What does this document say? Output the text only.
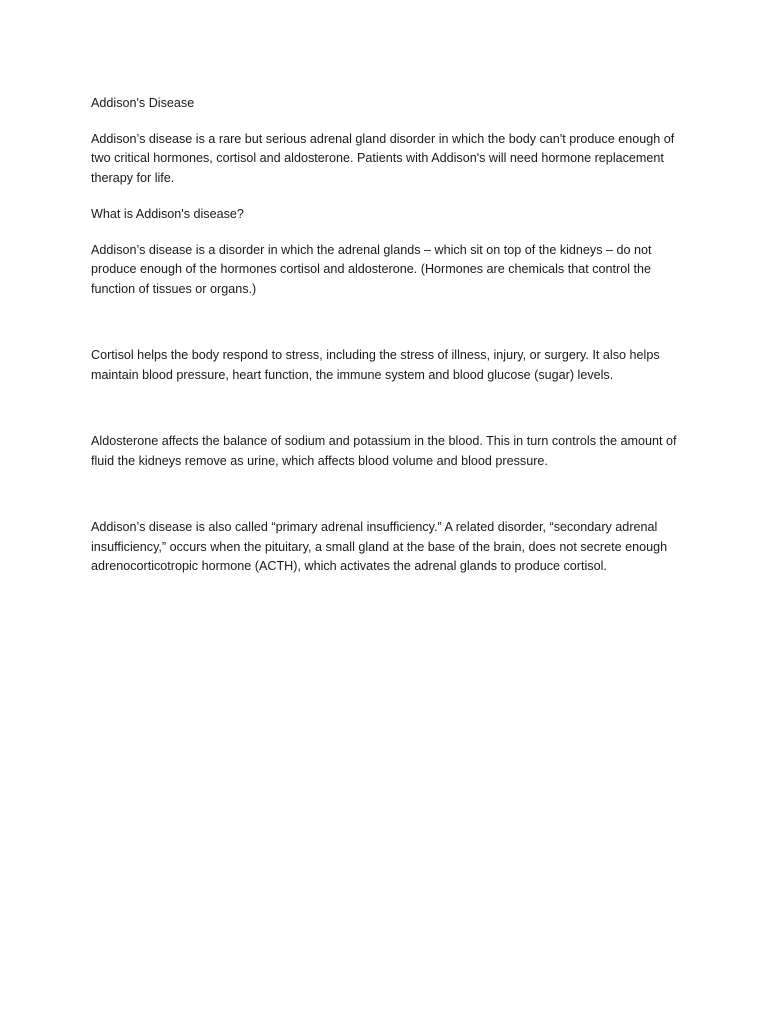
Addison's Disease

Addison’s disease is a rare but serious adrenal gland disorder in which the body can't produce enough of two critical hormones, cortisol and aldosterone. Patients with Addison's will need hormone replacement therapy for life.

What is Addison's disease?

Addison’s disease is a disorder in which the adrenal glands – which sit on top of the kidneys – do not produce enough of the hormones cortisol and aldosterone. (Hormones are chemicals that control the function of tissues or organs.)

Cortisol helps the body respond to stress, including the stress of illness, injury, or surgery. It also helps maintain blood pressure, heart function, the immune system and blood glucose (sugar) levels.

Aldosterone affects the balance of sodium and potassium in the blood. This in turn controls the amount of fluid the kidneys remove as urine, which affects blood volume and blood pressure.

Addison’s disease is also called “primary adrenal insufficiency.” A related disorder, “secondary adrenal insufficiency,” occurs when the pituitary, a small gland at the base of the brain, does not secrete enough adrenocorticotropic hormone (ACTH), which activates the adrenal glands to produce cortisol.
